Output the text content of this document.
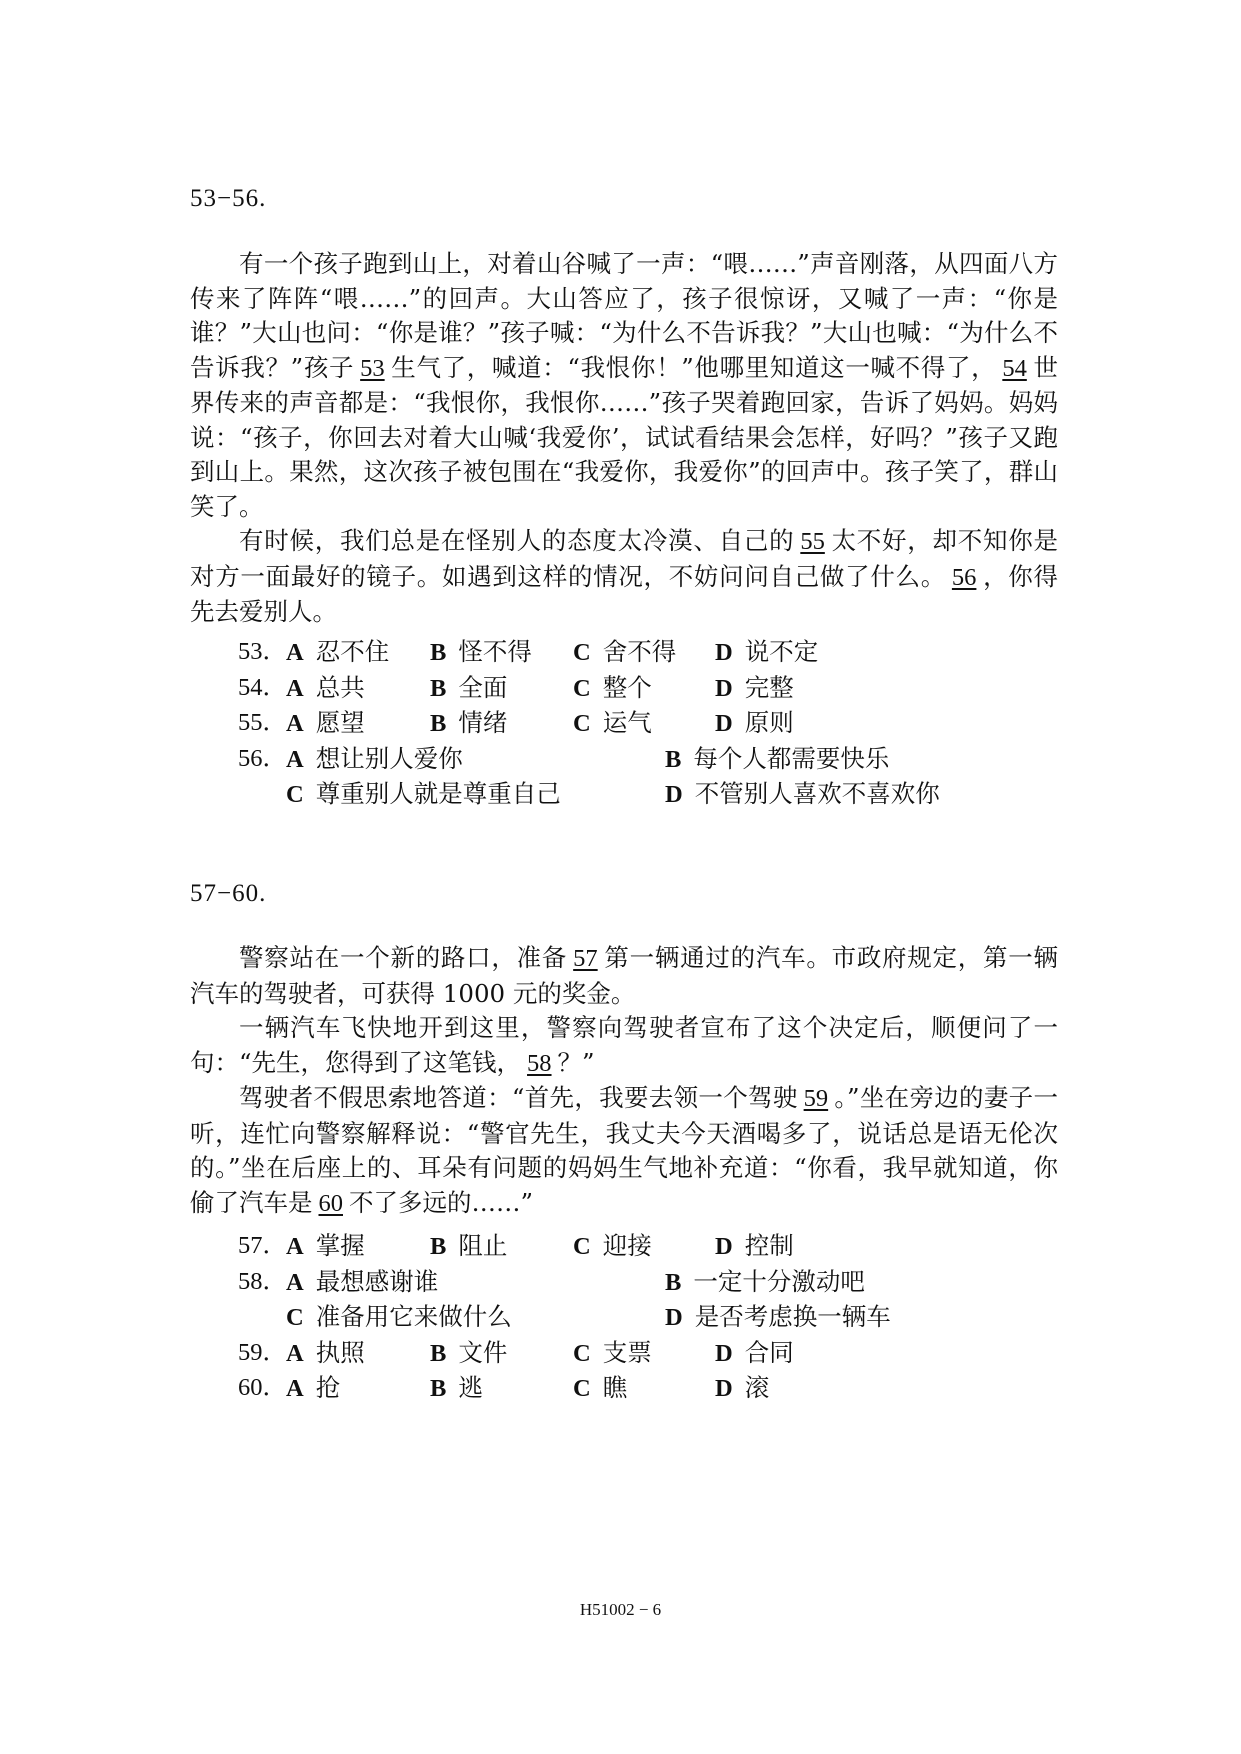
53−56.

有一个孩子跑到山上，对着山谷喊了一声：“喂……”声音刚落，从四面八方传来了阵阵“喂……”的回声。大山答应了，孩子很惊讶，又喊了一声：“你是谁？”大山也问：“你是谁？”孩子喊：“为什么不告诉我？”大山也喊：“为什么不告诉我？”孩子 53 生气了，喊道：“我恨你！”他哪里知道这一喊不得了， 54 世界传来的声音都是：“我恨你，我恨你……”孩子哭着跑回家，告诉了妈妈。妈妈说：“孩子，你回去对着大山喊‘我爱你’，试试看结果会怎样，好吗？”孩子又跑到山上。果然，这次孩子被包围在“我爱你，我爱你”的回声中。孩子笑了，群山笑了。

有时候，我们总是在怪别人的态度太冷漠、自己的 55 太不好，却不知你是对方一面最好的镜子。如遇到这样的情况，不妨问问自己做了什么。 56 ，你得先去爱别人。

53． A 忍不住 B 怪不得 C 舍不得 D 说不定
54． A 总共	B 全面	C 整个	D 完整
55． A 愿望	B 情绪	C 运气	D 原则
56． A 想让别人爱你	B 每个人都需要快乐
C 尊重别人就是尊重自己	D 不管别人喜欢不喜欢你
57−60.

警察站在一个新的路口，准备 57 第一辆通过的汽车。市政府规定，第一辆汽车的驾驶者，可获得 1000 元的奖金。

一辆汽车飞快地开到这里，警察向驾驶者宣布了这个决定后，顺便问了一句：“先生，您得到了这笔钱， 58 ？”

驾驶者不假思索地答道：“首先，我要去领一个驾驶 59 。”坐在旁边的妻子一听，连忙向警察解释说：“警官先生，我丈夫今天酒喝多了，说话总是语无伦次的。”坐在后座上的、耳朵有问题的妈妈生气地补充道：“你看，我早就知道，你偷了汽车是 60 不了多远的……”

57． A 掌握	B 阻止	C 迎接	D 控制
58． A 最想感谢谁	B 一定十分激动吧
C 准备用它来做什么	D 是否考虑换一辆车
59． A 执照	B 文件	C 支票	D 合同
60． A 抢	B 逃	C 瞧	D 滚
H51002 − 6
